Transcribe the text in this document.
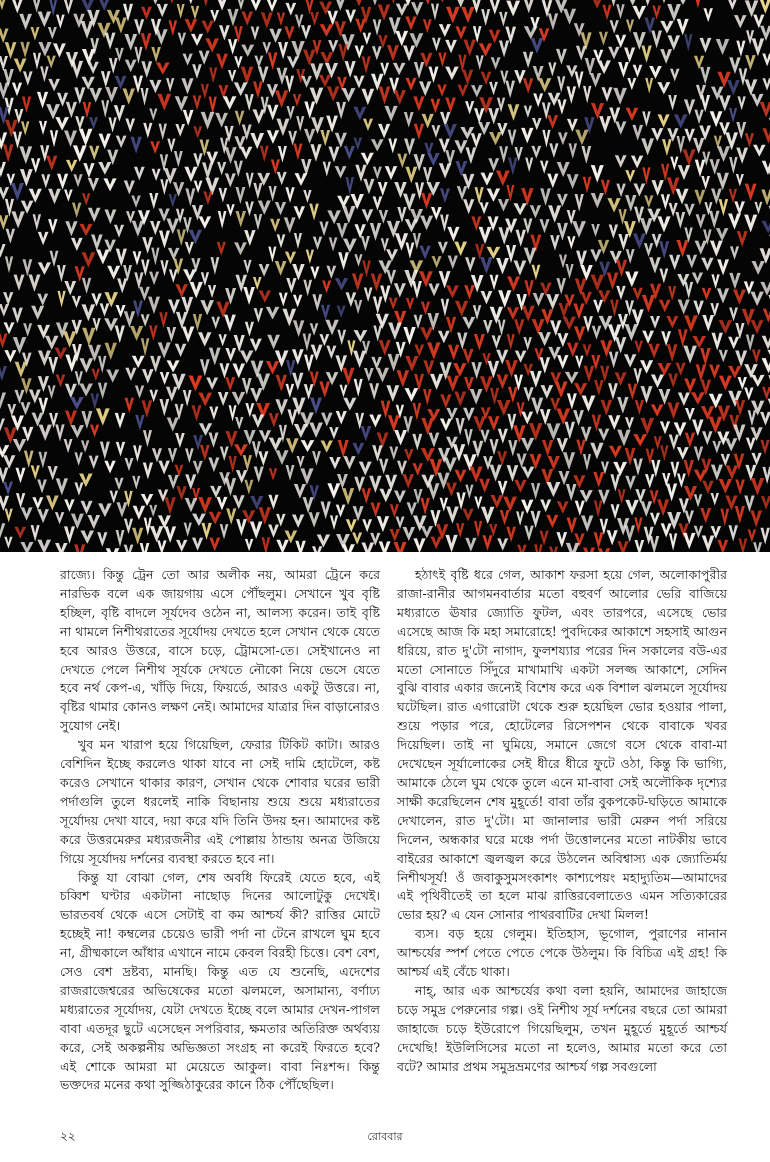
রাজ্যে। কিন্তু ট্রেন তো আর অলীক নয়, আমরা ট্রেনে করে নারভিক বলে এক জায়গায় এসে পৌঁছলুম। সেখানে খুব বৃষ্টি হচ্ছিল, বৃষ্টি বাদলে সূর্যদেব ওঠেন না, আলস্য করেন। তাই বৃষ্টি না থামলে নিশীথরাতের সূর্যোদয় দেখতে হলে সেখান থেকে যেতে হবে আরও উত্তরে, বাসে চড়ে, ট্রোমসো-তে। সেইখানেও না দেখতে পেলে নিশীথ সূর্যকে দেখতে নৌকো নিয়ে ভেসে যেতে হবে নর্থ কেপ-এ, খাঁড়ি দিয়ে, ফিয়র্ডে, আরও একটু উত্তরে। না, বৃষ্টির থামার কোনও লক্ষণ নেই। আমাদের যাত্রার দিন বাড়ানোরও সুযোগ নেই।

খুব মন খারাপ হয়ে গিয়েছিল, ফেরার টিকিট কাটা। আরও বেশিদিন ইচ্ছে করলেও থাকা যাবে না সেই দামি হোটেলে, কষ্ট করেও সেখানে থাকার কারণ, সেখান থেকে শোবার ঘরের ভারী পর্দাগুলি তুলে ধরলেই নাকি বিছানায় শুয়ে শুয়ে মধ্যরাতের সূর্যোদয় দেখা যাবে, দয়া করে যদি তিনি উদয় হন। আমাদের কষ্ট করে উত্তরমেরুর মধ্যরজনীর এই পোল্লায় ঠান্ডায় অনত্র উজিয়ে গিয়ে সূর্যোদয় দর্শনের ব্যবস্থা করতে হবে না।

কিন্তু যা বোঝা গেল, শেষ অবধি ফিরেই যেতে হবে, এই চব্বিশ ঘণ্টার একটানা নাছোড় দিনের আলোটুকু দেখেই। ভারতবর্ষ থেকে এসে সেটাই বা কম আশ্চর্য কী? রাত্তির মোটে হচ্ছেই না! কম্বলের চেয়েও ভারী পর্দা না টেনে রাখলে ঘুম হবে না, গ্রীষ্মকালে আঁধার এখানে নামে কেবল বিরহী চিত্তে। বেশ বেশ, সেও বেশ দ্রষ্টব্য, মানছি। কিন্তু এত যে শুনেছি, এদেশের রাজরাজেশ্বরের অভিষেকের মতো ঝলমলে, অসামান্য, বর্ণাঢ্য মধ্যরাতের সূর্যোদয়, যেটা দেখতে ইচ্ছে বলে আমার দেখন-পাগল বাবা এতদূর ছুটে এসেছেন সপরিবার, ক্ষমতার অতিরিক্ত অর্থব্যয় করে, সেই অকল্পনীয় অভিজ্ঞতা সংগ্রহ না করেই ফিরতে হবে? এই শোকে আমরা মা মেয়েতে আকুল। বাবা নিঃশব্দ। কিন্তু ভক্তদের মনের কথা সুজ্জিঠাকুরের কানে ঠিক পৌঁছেছিল।

হঠাৎই বৃষ্টি ধরে গেল, আকাশ ফরসা হয়ে গেল, অলোকাপুরীর রাজা-রানীর আগমনবার্তার মতো বহুবর্ণ আলোর ভেরি বাজিয়ে মধ্যরাতে ঊষার জ্যোতি ফুটল, এবং তারপরে, এসেছে ভোর এসেছে আজ কি মহা সমারোহে! পুবদিকের আকাশে সহসাই আগুন ধরিয়ে, রাত দু'টো নাগাদ, ফুলশয্যার পরের দিন সকালের বউ-এর মতো সোনাতে সিঁদুরে মাখামাখি একটা সলজ্জ আকাশে, সেদিন বুঝি বাবার একার জন্যেই বিশেষ করে এক বিশাল ঝলমলে সূর্যোদয় ঘটেছিল। রাত এগারোটা থেকে শুরু হয়েছিল ভোর হওয়ার পালা, শুয়ে পড়ার পরে, হোটেলের রিসেপশন থেকে বাবাকে খবর দিয়েছিল। তাই না ঘুমিয়ে, সমানে জেগে বসে থেকে বাবা-মা দেখেছেন সূর্যালোকের সেই ধীরে ধীরে ফুটে ওঠা, কিন্তু কি ভাগ্যি, আমাকে ঠেলে ঘুম থেকে তুলে এনে মা-বাবা সেই অলৌকিক দৃশ্যের সাক্ষী করেছিলেন শেষ মুহূর্তে! বাবা তাঁর বুকপকেট-ঘড়িতে আমাকে দেখালেন, রাত দু'টো। মা জানালার ভারী মেরুন পর্দা সরিয়ে দিলেন, অন্ধকার ঘরে মঞ্চে পর্দা উত্তোলনের মতো নাটকীয় ভাবে বাইরের আকাশে জ্বলজ্বল করে উঠলেন অবিশ্বাস্য এক জ্যোতির্ময় নিশীথসূর্য! ওঁ জবাকুসুমসংকাশং কাশ্যপেয়ং মহাদ্যুতিম—আমাদের এই পৃথিবীতেই তা হলে মাঝ রাত্তিরবেলাতেও এমন সত্যিকারের ভোর হয়? এ যেন সোনার পাথরবাটির দেখা মিলল!

ব্যস। বড় হয়ে গেলুম। ইতিহাস, ভূগোল, পুরাণের নানান আশ্চর্যের স্পর্শ পেতে পেতে পেকে উঠলুম। কি বিচিত্র এই গ্রহ! কি আশ্চর্য এই বেঁচে থাকা।

নাহ্, আর এক আশ্চর্যের কথা বলা হয়নি, আমাদের জাহাজে চড়ে সমুদ্র পেরুনোর গল্প। ওই নিশীথ সূর্য দর্শনের বছরে তো আমরা জাহাজে চড়ে ইউরোপে গিয়েছিলুম, তখন মুহূর্তে মুহূর্তে আশ্চর্য দেখেছি! ইউলিসিসের মতো না হলেও, আমার মতো করে তো বটে? আমার প্রথম সমুদ্রভ্রমণের আশ্চর্য গল্প সবগুলো

২২	রোববার
